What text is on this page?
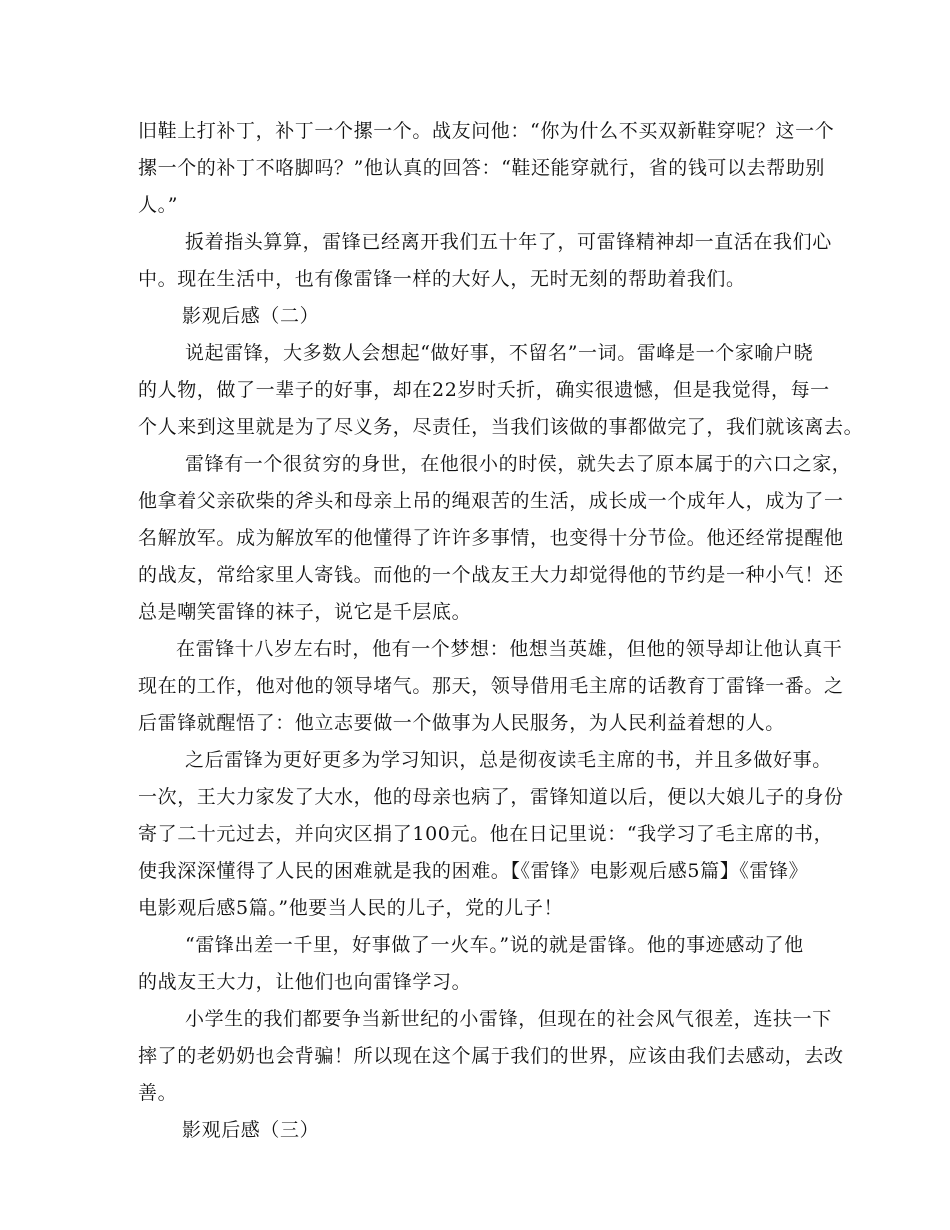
旧鞋上打补丁，补丁一个摞一个。战友问他：“你为什么不买双新鞋穿呢？这一个
摞一个的补丁不咯脚吗？”他认真的回答：“鞋还能穿就行，省的钱可以去帮助别
人。”
扳着指头算算，雷锋已经离开我们五十年了，可雷锋精神却一直活在我们心
中。现在生活中，也有像雷锋一样的大好人，无时无刻的帮助着我们。
影观后感（二）
说起雷锋，大多数人会想起“做好事，不留名”一词。雷峰是一个家喻户晓
的人物，做了一辈子的好事，却在22岁时夭折，确实很遗憾，但是我觉得，每一
个人来到这里就是为了尽义务，尽责任，当我们该做的事都做完了，我们就该离去。
雷锋有一个很贫穷的身世，在他很小的时侯，就失去了原本属于的六口之家，
他拿着父亲砍柴的斧头和母亲上吊的绳艰苦的生活，成长成一个成年人，成为了一
名解放军。成为解放军的他懂得了许许多事情，也变得十分节俭。他还经常提醒他
的战友，常给家里人寄钱。而他的一个战友王大力却觉得他的节约是一种小气！还
总是嘲笑雷锋的袜子，说它是千层底。
在雷锋十八岁左右时，他有一个梦想：他想当英雄，但他的领导却让他认真干
现在的工作，他对他的领导堵气。那天，领导借用毛主席的话教育丁雷锋一番。之
后雷锋就醒悟了：他立志要做一个做事为人民服务，为人民利益着想的人。
之后雷锋为更好更多为学习知识，总是彻夜读毛主席的书，并且多做好事。
一次，王大力家发了大水，他的母亲也病了，雷锋知道以后，便以大娘儿子的身份
寄了二十元过去，并向灾区捐了100元。他在日记里说：“我学习了毛主席的书，
使我深深懂得了人民的困难就是我的困难。【《雷锋》电影观后感5篇】《雷锋》
电影观后感5篇。”他要当人民的儿子，党的儿子！
“雷锋出差一千里，好事做了一火车。”说的就是雷锋。他的事迹感动了他
的战友王大力，让他们也向雷锋学习。
小学生的我们都要争当新世纪的小雷锋，但现在的社会风气很差，连扶一下
摔了的老奶奶也会背骗！所以现在这个属于我们的世界，应该由我们去感动，去改
善。
影观后感（三）
